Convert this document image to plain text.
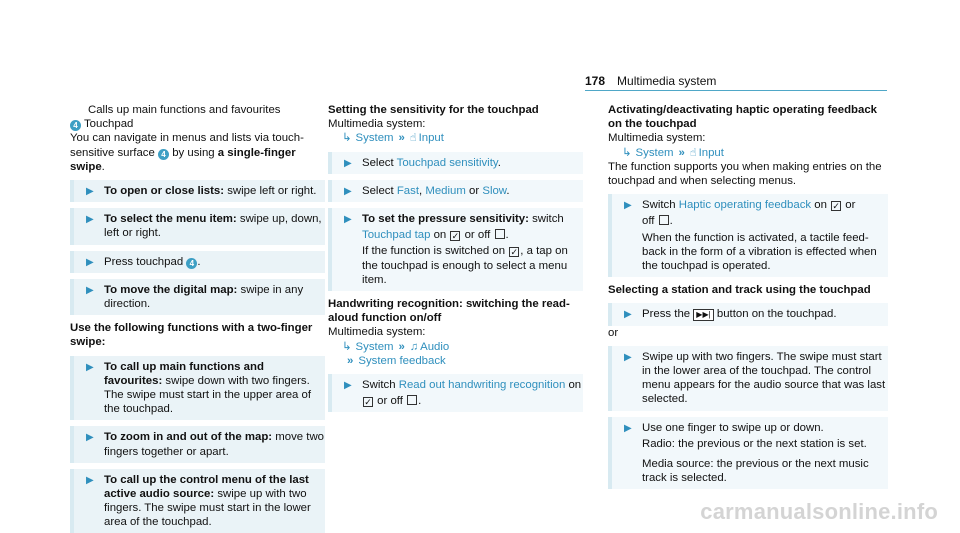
178 Multimedia system

Calls up main functions and favourites

4 Touchpad

You can navigate in menus and lists via touch-sensitive surface 4 by using a single-finger swipe.

▶ To open or close lists: swipe left or right.
▶ To select the menu item: swipe up, down, left or right.
▶ Press touchpad 4 .
▶ To move the digital map: swipe in any direction.

Use the following functions with a two-finger swipe:

▶ To call up main functions and favourites: swipe down with two fingers. The swipe must start in the upper area of the touchpad.
▶ To zoom in and out of the map: move two fingers together or apart.
▶ To call up the control menu of the last active audio source: swipe up with two fingers. The swipe must start in the lower area of the touchpad.

Setting the sensitivity for the touchpad

Multimedia system:

↳ System » ☝ Input
▶ Select Touchpad sensitivity.
▶ Select Fast, Medium or Slow.
▶ To set the pressure sensitivity: switch
Touchpad tap on ✓ or off .
If the function is switched on ✓ , a tap on the touchpad is enough to select a menu item.

Handwriting recognition: switching the read-aloud function on/off

Multimedia system:

↳ System » ♫ Audio
» System feedback
▶ Switch Read out handwriting recognition on
✓ or off .

Activating/deactivating haptic operating feedback on the touchpad

Multimedia system:

↳ System » ☝ Input

The function supports you when making entries on the touchpad and when selecting menus.

▶ Switch Haptic operating feedback on ✓ or
off .
When the function is activated, a tactile feed-back in the form of a vibration is effected when the touchpad is operated.

Selecting a station and track using the touchpad

▶ Press the ▶▶| button on the touchpad.

or

▶ Swipe up with two fingers. The swipe must start in the lower area of the touchpad. The control menu appears for the audio source that was last selected.
▶ Use one finger to swipe up or down.
Radio: the previous or the next station is set.
Media source: the previous or the next music track is selected.
carmanualsonline.info
